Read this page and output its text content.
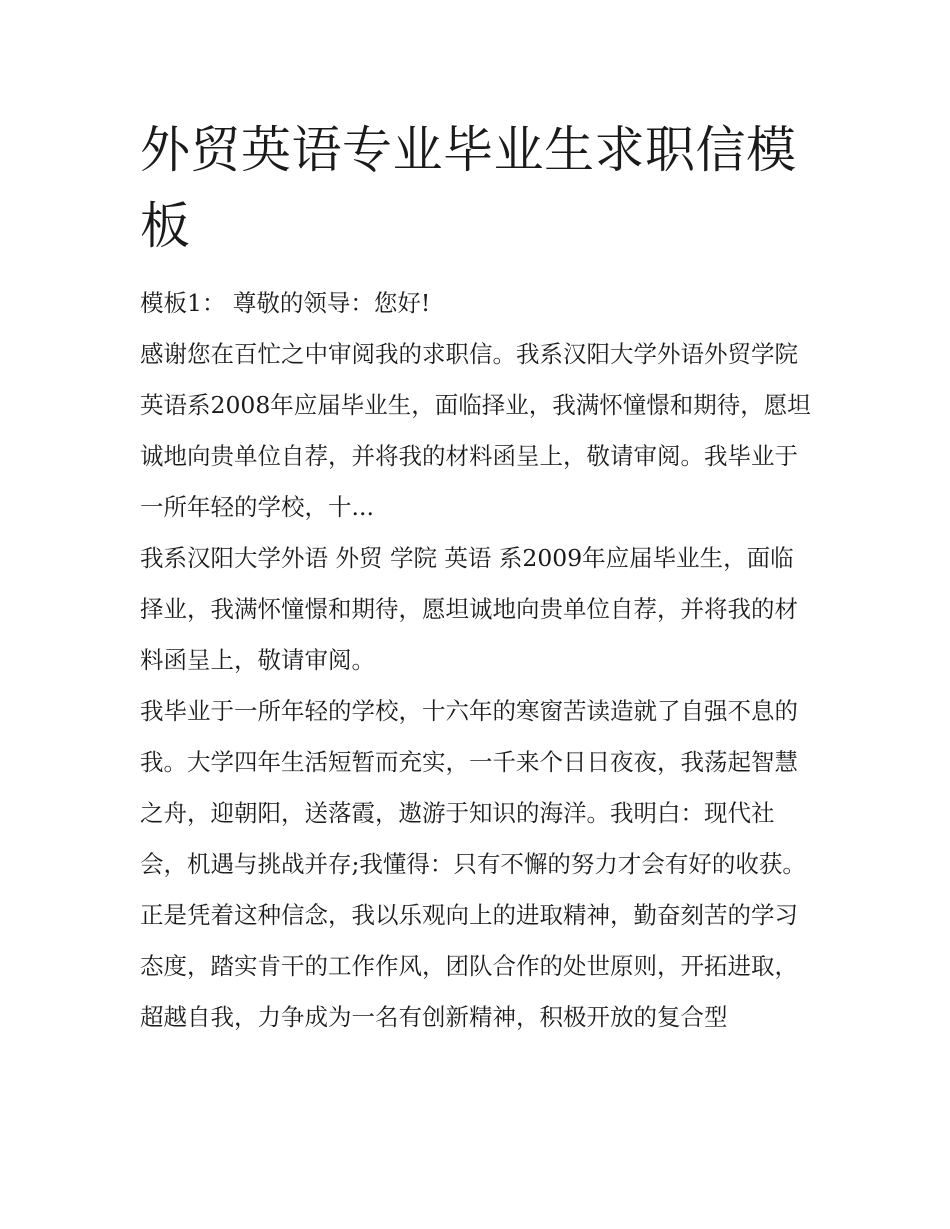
外贸英语专业毕业生求职信模板

模板1： 尊敬的领导：您好!

感谢您在百忙之中审阅我的求职信。我系汉阳大学外语外贸学院英语系2008年应届毕业生，面临择业，我满怀憧憬和期待，愿坦诚地向贵单位自荐，并将我的材料函呈上，敬请审阅。我毕业于一所年轻的学校，十...

我系汉阳大学外语 外贸 学院 英语 系2009年应届毕业生，面临择业，我满怀憧憬和期待，愿坦诚地向贵单位自荐，并将我的材料函呈上，敬请审阅。

我毕业于一所年轻的学校，十六年的寒窗苦读造就了自强不息的我。大学四年生活短暂而充实，一千来个日日夜夜，我荡起智慧之舟，迎朝阳，送落霞，遨游于知识的海洋。我明白：现代社会，机遇与挑战并存;我懂得：只有不懈的努力才会有好的收获。正是凭着这种信念，我以乐观向上的进取精神，勤奋刻苦的学习态度，踏实肯干的工作作风，团队合作的处世原则，开拓进取，超越自我，力争成为一名有创新精神，积极开放的复合型
